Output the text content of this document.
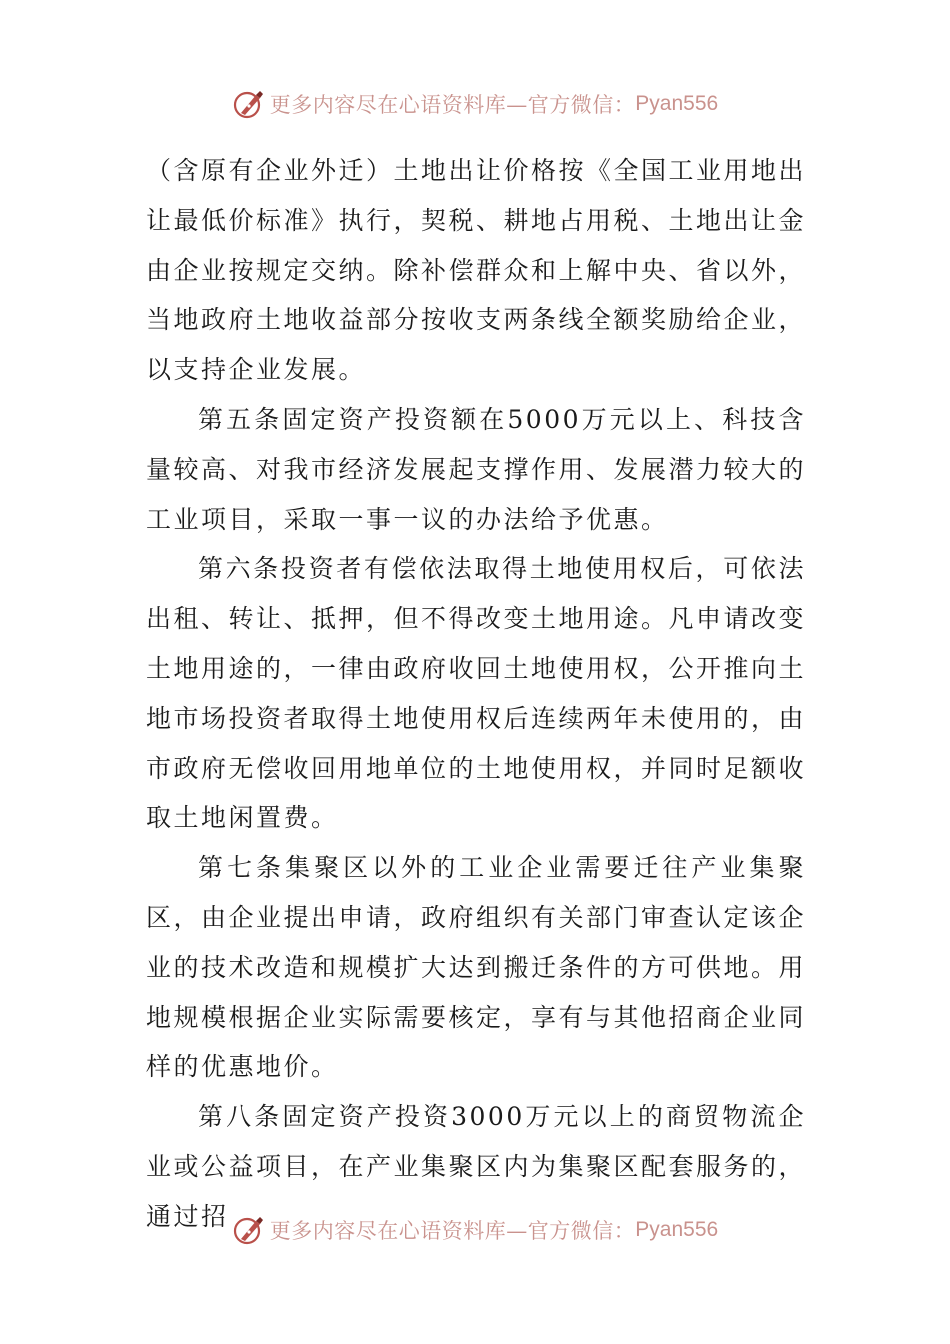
更多内容尽在心语资料库—官方微信： Pyan556

（含原有企业外迁）土地出让价格按《全国工业用地出让最低价标准》执行，契税、耕地占用税、土地出让金由企业按规定交纳。除补偿群众和上解中央、省以外，当地政府土地收益部分按收支两条线全额奖励给企业，以支持企业发展。

第五条固定资产投资额在5000万元以上、科技含量较高、对我市经济发展起支撑作用、发展潜力较大的工业项目，采取一事一议的办法给予优惠。

第六条投资者有偿依法取得土地使用权后，可依法出租、转让、抵押，但不得改变土地用途。凡申请改变土地用途的，一律由政府收回土地使用权，公开推向土地市场投资者取得土地使用权后连续两年未使用的，由市政府无偿收回用地单位的土地使用权，并同时足额收取土地闲置费。

第七条集聚区以外的工业企业需要迁往产业集聚区，由企业提出申请，政府组织有关部门审查认定该企业的技术改造和规模扩大达到搬迁条件的方可供地。用地规模根据企业实际需要核定，享有与其他招商企业同样的优惠地价。

第八条固定资产投资3000万元以上的商贸物流企业或公益项目，在产业集聚区内为集聚区配套服务的，通过招

更多内容尽在心语资料库—官方微信： Pyan556
